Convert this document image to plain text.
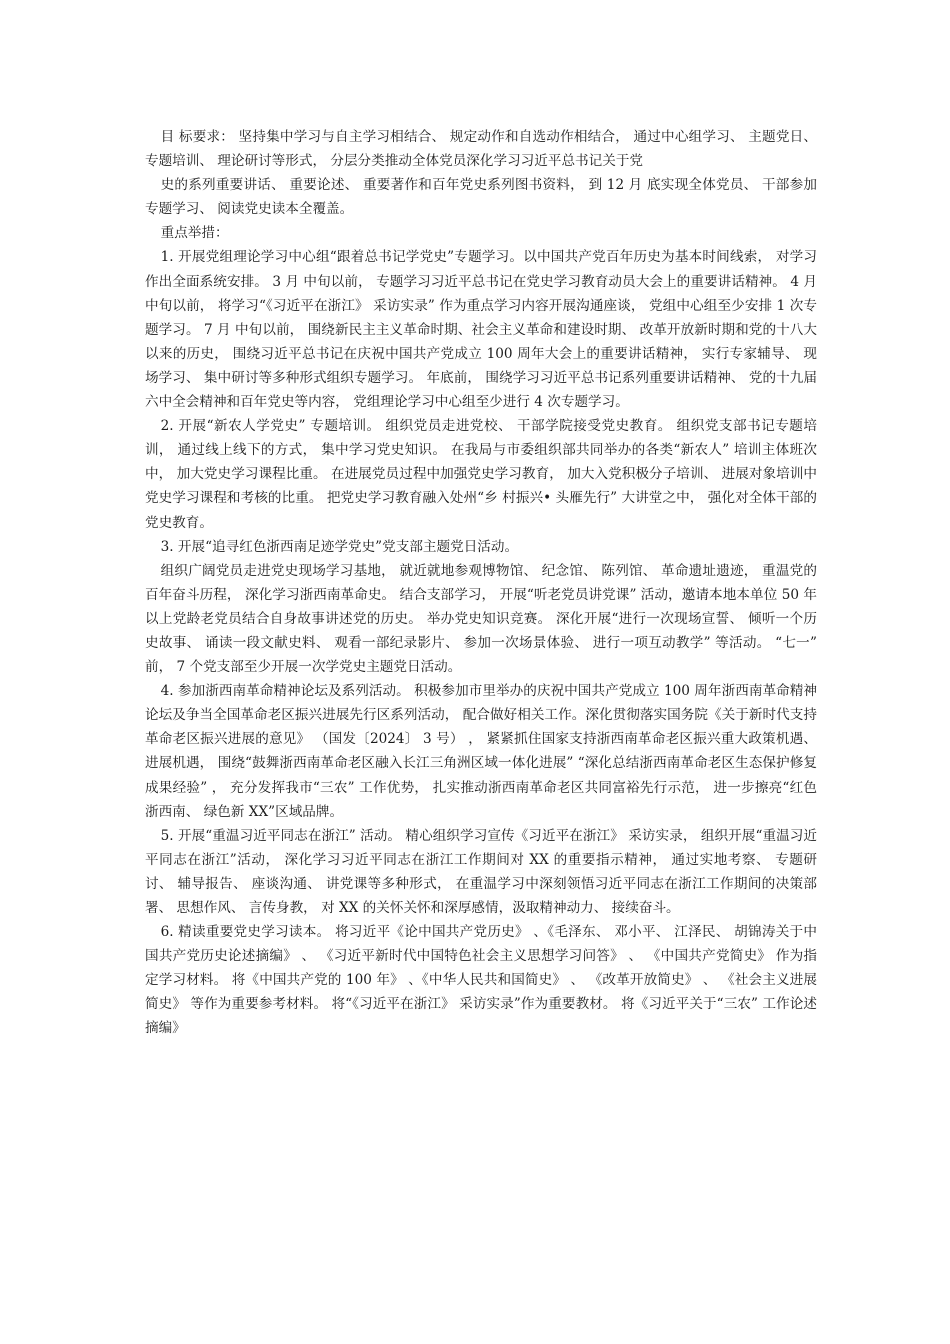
目 标要求： 坚持集中学习与自主学习相结合、 规定动作和自选动作相结合， 通过中心组学习、 主题党日、 专题培训、 理论研讨等形式， 分层分类推动全体党员深化学习习近平总书记关于党

史的系列重要讲话、 重要论述、 重要著作和百年党史系列图书资料， 到 12 月 底实现全体党员、 干部参加专题学习、 阅读党史读本全覆盖。

重点举措：

1. 开展党组理论学习中心组“跟着总书记学党史”专题学习。以中国共产党百年历史为基本时间线索， 对学习作出全面系统安排。 3 月 中旬以前， 专题学习习近平总书记在党史学习教育动员大会上的重要讲话精神。 4 月 中旬以前， 将学习“《习近平在浙江》 采访实录” 作为重点学习内容开展沟通座谈， 党组中心组至少安排 1 次专题学习。 7 月 中旬以前， 围绕新民主主义革命时期、社会主义革命和建设时期、 改革开放新时期和党的十八大以来的历史， 围绕习近平总书记在庆祝中国共产党成立 100 周年大会上的重要讲话精神， 实行专家辅导、 现场学习、 集中研讨等多种形式组织专题学习。 年底前， 围绕学习习近平总书记系列重要讲话精神、 党的十九届六中全会精神和百年党史等内容， 党组理论学习中心组至少进行 4 次专题学习。

2. 开展“新农人学党史” 专题培训。 组织党员走进党校、 干部学院接受党史教育。 组织党支部书记专题培训， 通过线上线下的方式， 集中学习党史知识。 在我局与市委组织部共同举办的各类“新农人” 培训主体班次中， 加大党史学习课程比重。 在进展党员过程中加强党史学习教育， 加大入党积极分子培训、 进展对象培训中党史学习课程和考核的比重。 把党史学习教育融入处州“乡 村振兴• 头雁先行” 大讲堂之中， 强化对全体干部的党史教育。

3. 开展“追寻红色浙西南足迹学党史”党支部主题党日活动。

组织广阔党员走进党史现场学习基地， 就近就地参观博物馆、 纪念馆、 陈列馆、 革命遗址遗迹， 重温党的百年奋斗历程， 深化学习浙西南革命史。 结合支部学习， 开展“听老党员讲党课” 活动，邀请本地本单位 50 年以上党龄老党员结合自身故事讲述党的历史。 举办党史知识竞赛。 深化开展“进行一次现场宣誓、 倾听一个历史故事、 诵读一段文献史料、 观看一部纪录影片、 参加一次场景体验、 进行一项互动教学” 等活动。 “七一” 前， 7 个党支部至少开展一次学党史主题党日活动。

4. 参加浙西南革命精神论坛及系列活动。 积极参加市里举办的庆祝中国共产党成立 100 周年浙西南革命精神论坛及争当全国革命老区振兴进展先行区系列活动， 配合做好相关工作。深化贯彻落实国务院《关于新时代支持革命老区振兴进展的意见》 （国发〔2024〕 3 号） ， 紧紧抓住国家支持浙西南革命老区振兴重大政策机遇、 进展机遇， 围绕“鼓舞浙西南革命老区融入长江三角洲区域一体化进展” “深化总结浙西南革命老区生态保护修复成果经验” ， 充分发挥我市“三农” 工作优势， 扎实推动浙西南革命老区共同富裕先行示范， 进一步擦亮“红色浙西南、 绿色新 XX”区域品牌。

5. 开展“重温习近平同志在浙江” 活动。 精心组织学习宣传《习近平在浙江》 采访实录， 组织开展“重温习近平同志在浙江”活动， 深化学习习近平同志在浙江工作期间对 XX 的重要指示精神， 通过实地考察、 专题研讨、 辅导报告、 座谈沟通、 讲党课等多种形式， 在重温学习中深刻领悟习近平同志在浙江工作期间的决策部署、 思想作风、 言传身教， 对 XX 的关怀关怀和深厚感情，汲取精神动力、 接续奋斗。

6. 精读重要党史学习读本。 将习近平《论中国共产党历史》 、《毛泽东、 邓小平、 江泽民、 胡锦涛关于中国共产党历史论述摘编》 、 《习近平新时代中国特色社会主义思想学习问答》 、 《中国共产党简史》 作为指定学习材料。 将《中国共产党的 100 年》 、《中华人民共和国简史》 、 《改革开放简史》 、 《社会主义进展简史》 等作为重要参考材料。 将“《习近平在浙江》 采访实录”作为重要教材。 将《习近平关于“三农” 工作论述摘编》
